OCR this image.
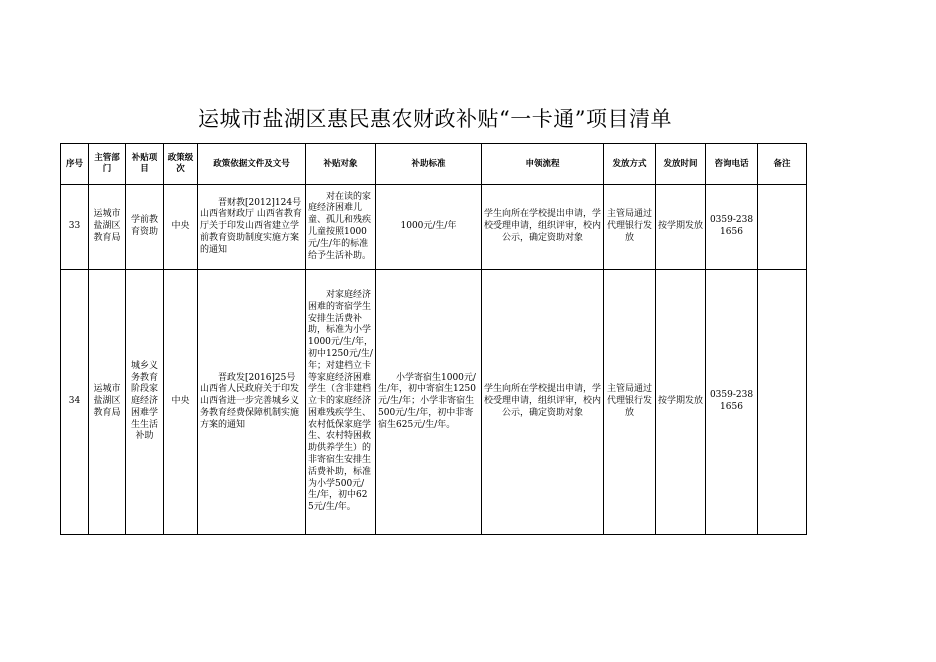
运城市盐湖区惠民惠农财政补贴“一卡通”项目清单
序号	主管部门	补贴项目	政策级次	政策依据文件及文号	补贴对象	补助标准	申领流程	发放方式	发放时间	咨询电话	备注
33	运城市盐湖区教育局	学前教育资助	中央	　　晋财教[2012]124号山西省财政厅 山西省教育厅关于印发山西省建立学前教育资助制度实施方案的通知	　　对在读的家庭经济困难儿童、孤儿和残疾儿童按照1000元/生/年的标准给予生活补助。	1000元/生/年	学生向所在学校提出申请，学校受理申请，组织评审，校内公示，确定资助对象	主管局通过代理银行发放	按学期发放	0359-2381656	
34	运城市盐湖区教育局	城乡义务教育阶段家庭经济困难学生生活补助	中央	　　晋政发[2016]25号 山西省人民政府关于印发山西省进一步完善城乡义务教育经费保障机制实施方案的通知	　　对家庭经济困难的寄宿学生安排生活费补助，标准为小学1000元/生/年，初中1250元/生/年；对建档立卡等家庭经济困难学生（含非建档立卡的家庭经济困难残疾学生、农村低保家庭学生、农村特困救助供养学生）的非寄宿生安排生活费补助，标准为小学500元/生/年，初中625元/生/年。	　　小学寄宿生1000元/生/年，初中寄宿生1250元/生/年；小学非寄宿生500元/生/年，初中非寄宿生625元/生/年。	学生向所在学校提出申请，学校受理申请，组织评审，校内公示，确定资助对象	主管局通过代理银行发放	按学期发放	0359-2381656	
